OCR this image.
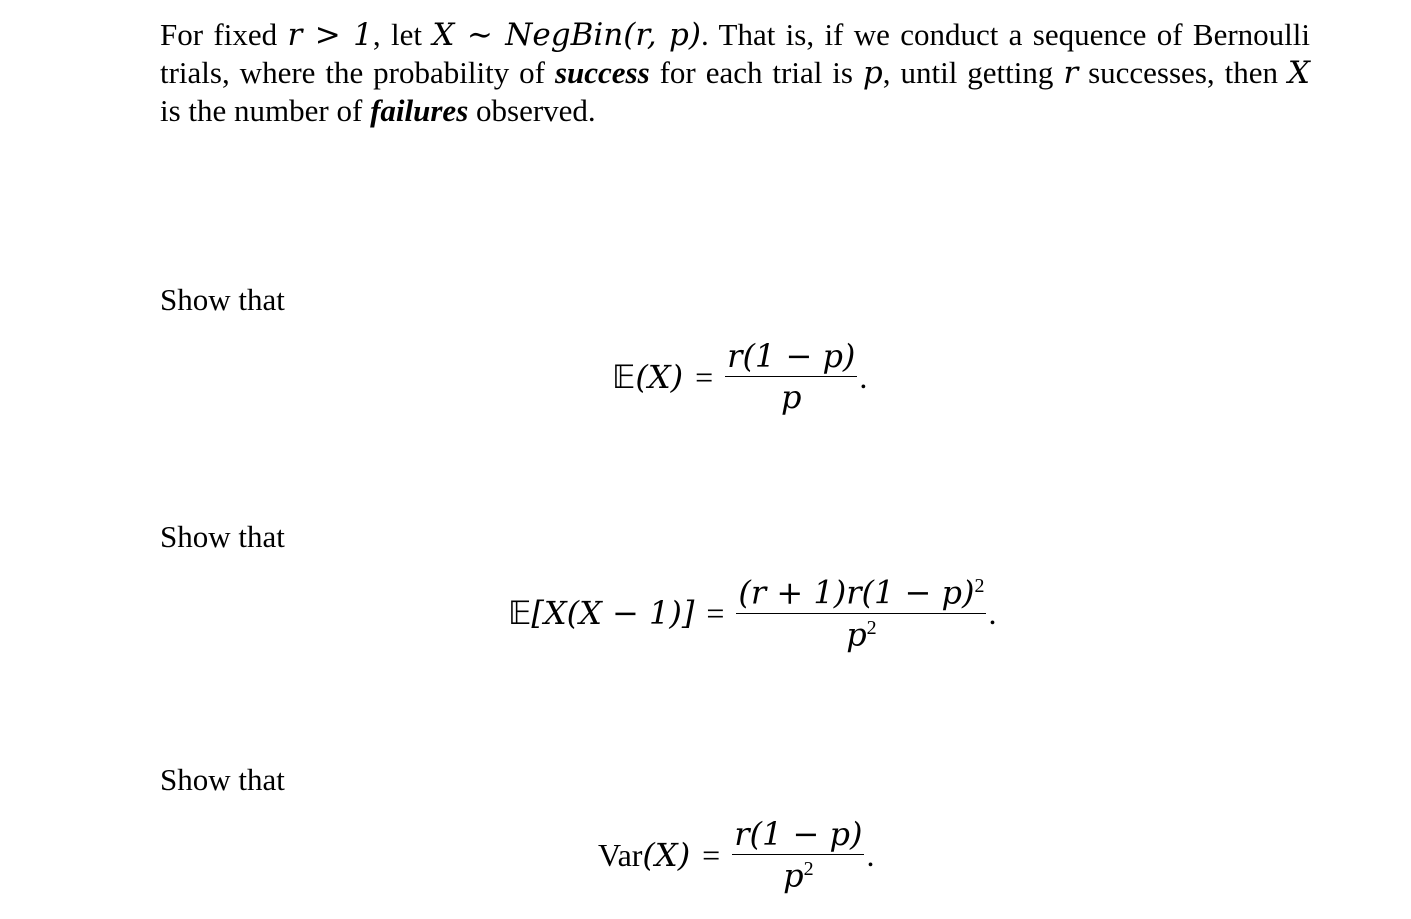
For fixed r > 1, let X ∼ NegBin(r, p). That is, if we conduct a sequence of Bernoulli
trials, where the probability of success for each trial is p, until getting r successes, then X
is the number of failures observed.
Show that
𝔼(X) = $\frac{r(1 - p)}{p}$ .
Show that
𝔼[X(X − $1)] = \frac{(r + 1)r(1 - p)^2}{p^2}$ .
Show that
$Var(X) = \frac{r(1 - p)}{p^2}$ .
